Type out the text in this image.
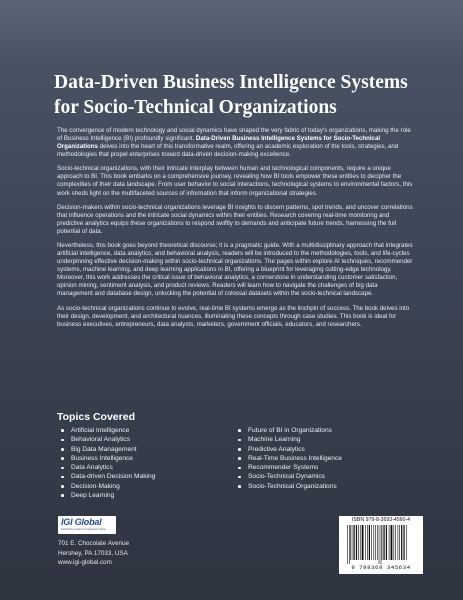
Data-Driven Business Intelligence Systems for Socio-Technical Organizations

The convergence of modern technology and social dynamics have shaped the very fabric of today's organizations, making the role of Business Intelligence (BI) profoundly significant. Data-Driven Business Intelligence Systems for Socio-Technical Organizations delves into the heart of this transformative realm, offering an academic exploration of the tools, strategies, and methodologies that propel enterprises toward data-driven decision-making excellence.

Socio-technical organizations, with their intricate interplay between human and technological components, require a unique approach to BI. This book embarks on a comprehensive journey, revealing how BI tools empower these entities to decipher the complexities of their data landscape. From user behavior to social interactions, technological systems to environmental factors, this work sheds light on the multifaceted sources of information that inform organizational strategies.

Decision-makers within socio-technical organizations leverage BI insights to discern patterns, spot trends, and uncover correlations that influence operations and the intricate social dynamics within their entities. Research covering real-time monitoring and predictive analytics equips these organizations to respond swiftly to demands and anticipate future trends, harnessing the full potential of data.

Nevertheless, this book goes beyond theoretical discourse; it is a pragmatic guide. With a multidisciplinary approach that integrates artificial intelligence, data analytics, and behavioral analysis, readers will be introduced to the methodologies, tools, and life-cycles underpinning effective decision-making within socio-technical organizations. The pages within explore AI techniques, recommender systems, machine learning, and deep learning applications in BI, offering a blueprint for leveraging cutting-edge technology. Moreover, this work addresses the critical issue of behavioral analytics, a cornerstone in understanding customer satisfaction, opinion mining, sentiment analysis, and product reviews. Readers will learn how to navigate the challenges of big data management and database design, unlocking the potential of colossal datasets within the socio-technical landscape.

As socio-technical organizations continue to evolve, real-time BI systems emerge as the linchpin of success. The book delves into their design, development, and architectural nuances, illuminating these concepts through case studies. This book is ideal for business executives, entrepreneurs, data analysts, marketers, government officials, educators, and researchers.

Topics Covered
Artificial Intelligence
Behavioral Analytics
Big Data Management
Business Intelligence
Data Analytics
Data-driven Decision Making
Decision-Making
Deep Learning
Future of BI in Organizations
Machine Learning
Predictive Analytics
Real-Time Business Intelligence
Recommender Systems
Socio-Technical Dynamics
Socio-Technical Organizations
IGI Global
Publishing Academic's Research Value
701 E. Chocolate Avenue
Hershey, PA 17033, USA
www.igi-global.com
ISBN 979-8-3693-4560-4
9 798369 345634
